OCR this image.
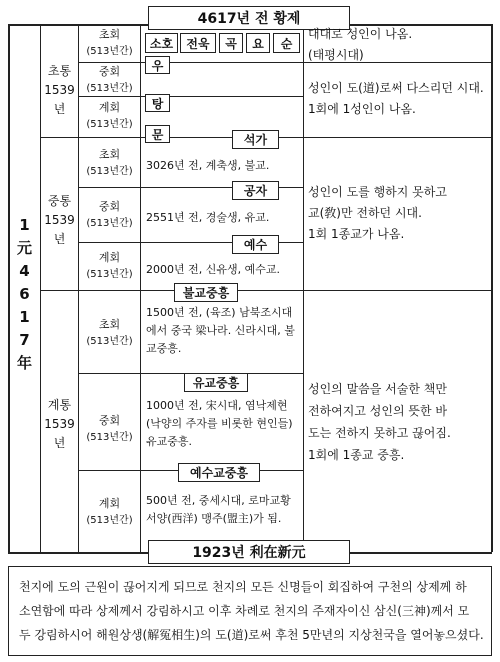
4617년 전 황제
소호 전욱 곡 요 순
우
탕
문
1
元
4
6
1
7
年
초통
1539년
중통
1539년
계통
1539년
초회
(513년간)
중회
(513년간)
계회
(513년간)
초회
(513년간)
중회
(513년간)
계회
(513년간)
초회
(513년간)
중회
(513년간)
계회
(513년간)
석가
공자
예수
불교중흥
유교중흥
예수교중흥
3026년 전, 계축생, 불교.
2551년 전, 경술생, 유교.
2000년 전, 신유생, 예수교.
1500년 전, (육조) 남북조시대
에서 중국 梁나라. 신라시대, 불
교중흥.
1000년 전, 宋시대, 염낙제현
(낙양의 주자를 비롯한 현인들)
유교중흥.
500년 전, 중세시대, 로마교황
서양(西洋) 맹주(盟主)가 됨.
대대로 성인이 나옴.
(태평시대)
성인이 도(道)로써 다스리던 시대.
1회에 1성인이 나옴.
성인이 도를 행하지 못하고
교(敎)만 전하던 시대.
1회 1종교가 나옴.
성인의 말씀을 서술한 책만
전하여지고 성인의 뜻한 바
도는 전하지 못하고 끊어짐.
1회에 1종교 중흥.
1923년 利在新元
천지에 도의 근원이 끊어지게 되므로 천지의 모든 신명들이 회집하여 구천의 상제께 하
소연함에 따라 상제께서 강림하시고 이후 차례로 천지의 주재자이신 삼신(三神)께서 모
두 강림하시어 해원상생(解冤相生)의 도(道)로써 후천 5만년의 지상천국을 열어놓으셨다.
